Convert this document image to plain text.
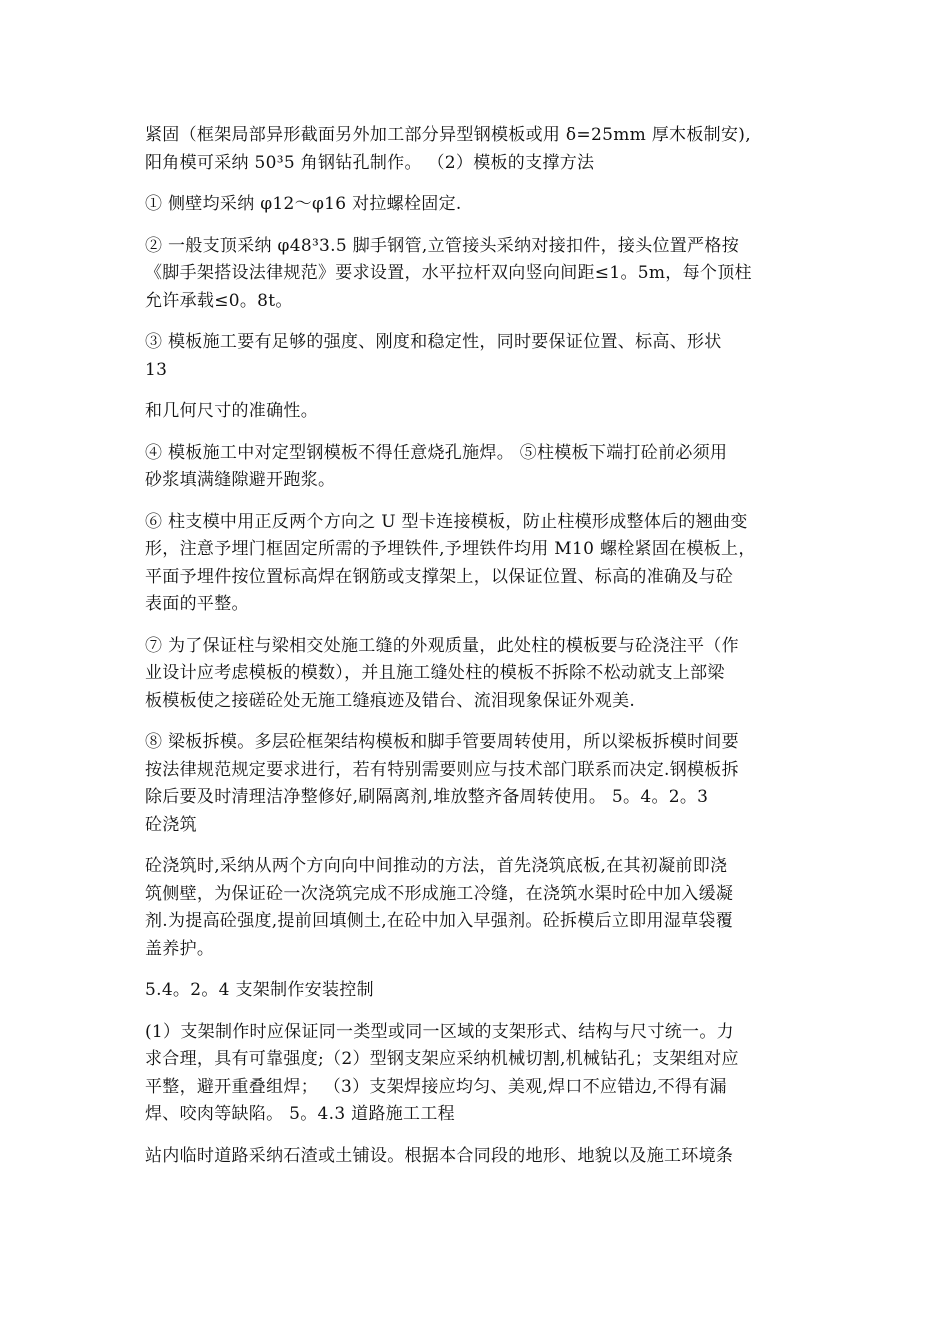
紧固（框架局部异形截面另外加工部分异型钢模板或用 δ=25mm 厚木板制安),
阳角模可采纳 50³5 角钢钻孔制作。 （2）模板的支撑方法

① 侧壁均采纳 φ12～φ16 对拉螺栓固定.

② 一般支顶采纳 φ48³3.5 脚手钢管,立管接头采纳对接扣件，接头位置严格按
《脚手架搭设法律规范》要求设置，水平拉杆双向竖向间距≤1。5m，每个顶柱
允许承载≤0。8t。

③ 模板施工要有足够的强度、刚度和稳定性，同时要保证位置、标高、形状
13

和几何尺寸的准确性。

④ 模板施工中对定型钢模板不得任意烧孔施焊。 ⑤柱模板下端打砼前必须用
砂浆填满缝隙避开跑浆。

⑥ 柱支模中用正反两个方向之 U 型卡连接模板，防止柱模形成整体后的翘曲变
形，注意予埋门框固定所需的予埋铁件,予埋铁件均用 M10 螺栓紧固在模板上，
平面予埋件按位置标高焊在钢筋或支撑架上，以保证位置、标高的准确及与砼
表面的平整。

⑦ 为了保证柱与梁相交处施工缝的外观质量，此处柱的模板要与砼浇注平（作
业设计应考虑模板的模数），并且施工缝处柱的模板不拆除不松动就支上部梁
板模板使之接磋砼处无施工缝痕迹及错台、流泪现象保证外观美.

⑧ 梁板拆模。多层砼框架结构模板和脚手管要周转使用，所以梁板拆模时间要
按法律规范规定要求进行，若有特别需要则应与技术部门联系而决定.钢模板拆
除后要及时清理洁净整修好,刷隔离剂,堆放整齐备周转使用。 5。4。2。3
砼浇筑

砼浇筑时,采纳从两个方向向中间推动的方法，首先浇筑底板,在其初凝前即浇
筑侧壁，为保证砼一次浇筑完成不形成施工冷缝，在浇筑水渠时砼中加入缓凝
剂.为提高砼强度,提前回填侧土,在砼中加入早强剂。砼拆模后立即用湿草袋覆
盖养护。

5.4。2。4 支架制作安装控制

(1）支架制作时应保证同一类型或同一区域的支架形式、结构与尺寸统一。力
求合理，具有可靠强度;（2）型钢支架应采纳机械切割,机械钻孔；支架组对应
平整，避开重叠组焊； （3）支架焊接应均匀、美观,焊口不应错边,不得有漏
焊、咬肉等缺陷。 5。4.3 道路施工工程

站内临时道路采纳石渣或土铺设。根据本合同段的地形、地貌以及施工环境条
